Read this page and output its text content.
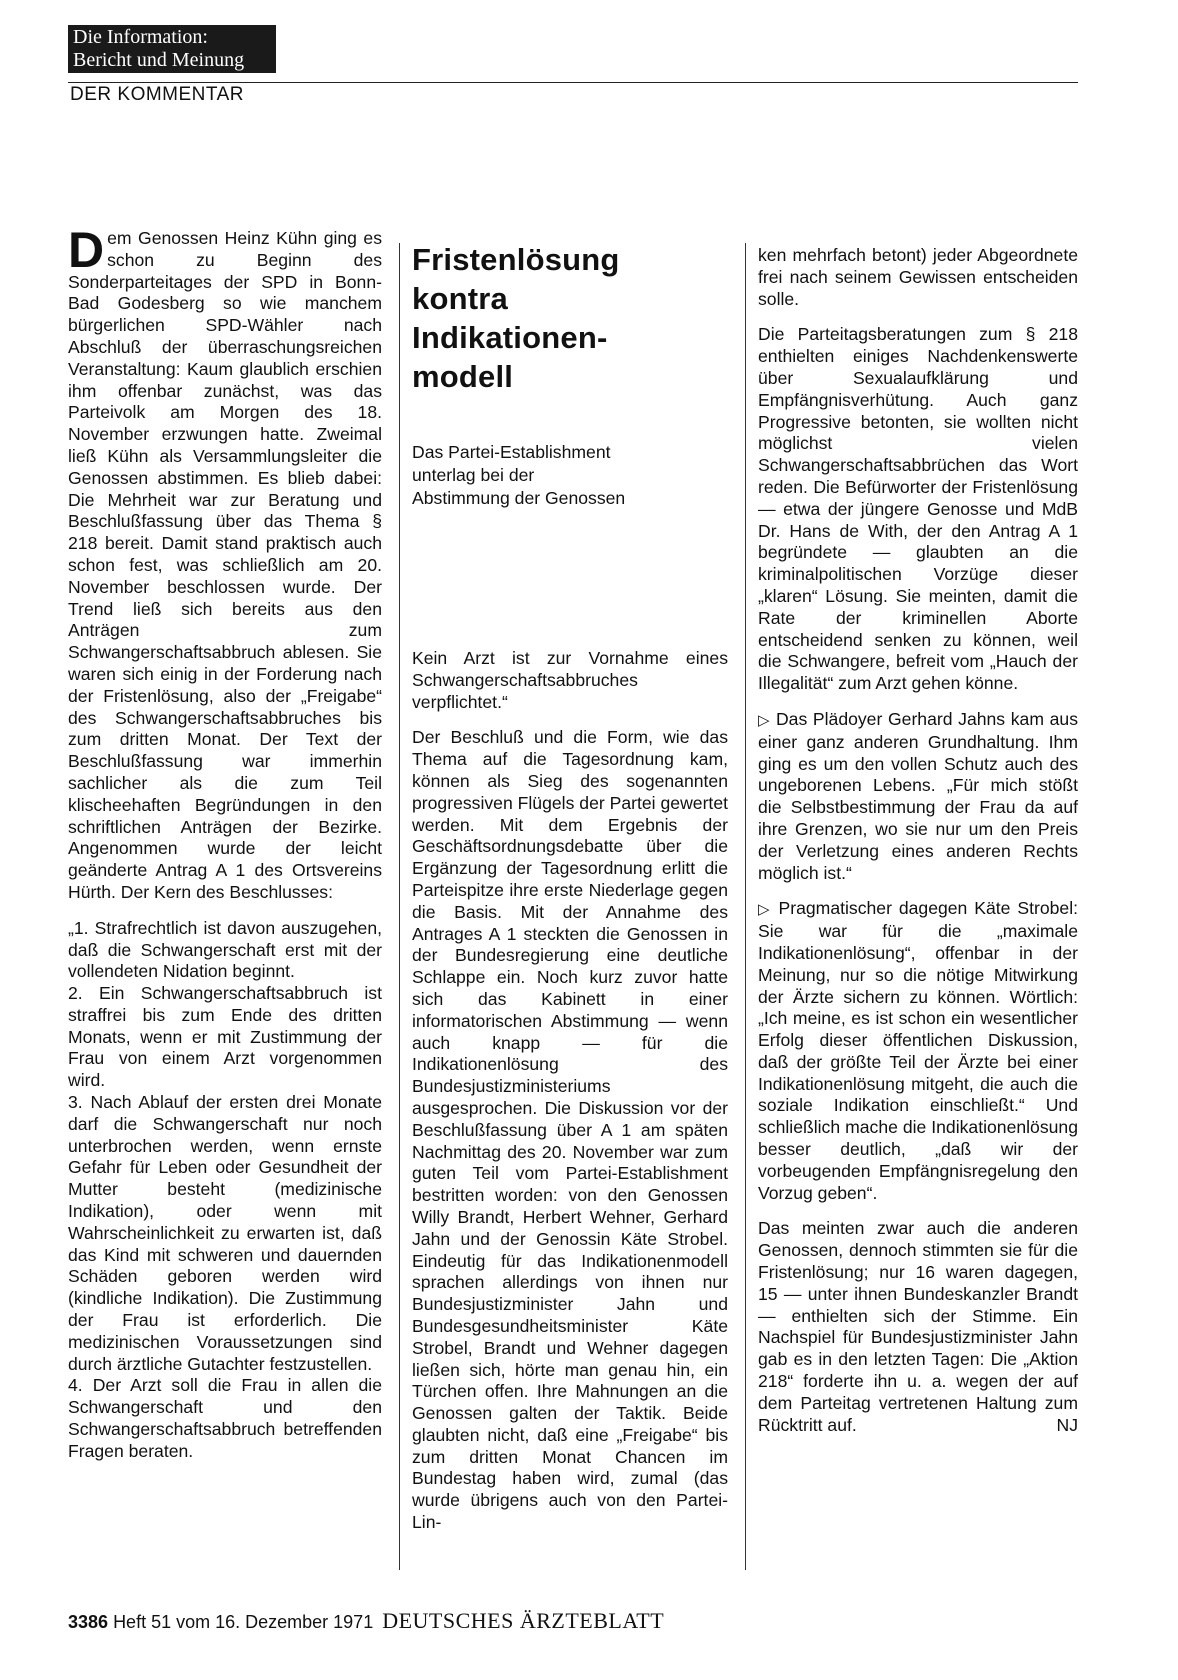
Die Information:
Bericht und Meinung
DER KOMMENTAR

Dem Genossen Heinz Kühn ging es schon zu Beginn des Sonderparteitages der SPD in Bonn-Bad Godesberg so wie manchem bürgerlichen SPD-Wähler nach Abschluß der überraschungsreichen Veranstaltung: Kaum glaublich erschien ihm offenbar zunächst, was das Parteivolk am Morgen des 18. November erzwungen hatte. Zweimal ließ Kühn als Versammlungsleiter die Genossen abstimmen. Es blieb dabei: Die Mehrheit war zur Beratung und Beschlußfassung über das Thema § 218 bereit. Damit stand praktisch auch schon fest, was schließlich am 20. November beschlossen wurde. Der Trend ließ sich bereits aus den Anträgen zum Schwangerschaftsabbruch ablesen. Sie waren sich einig in der Forderung nach der Fristenlösung, also der „Freigabe“ des Schwangerschaftsabbruches bis zum dritten Monat. Der Text der Beschlußfassung war immerhin sachlicher als die zum Teil klischeehaften Begründungen in den schriftlichen Anträgen der Bezirke. Angenommen wurde der leicht geänderte Antrag A 1 des Ortsvereins Hürth. Der Kern des Beschlusses:

„1. Strafrechtlich ist davon auszugehen, daß die Schwangerschaft erst mit der vollendeten Nidation beginnt.

2. Ein Schwangerschaftsabbruch ist straffrei bis zum Ende des dritten Monats, wenn er mit Zustimmung der Frau von einem Arzt vorgenommen wird.

3. Nach Ablauf der ersten drei Monate darf die Schwangerschaft nur noch unterbrochen werden, wenn ernste Gefahr für Leben oder Gesundheit der Mutter besteht (medizinische Indikation), oder wenn mit Wahrscheinlichkeit zu erwarten ist, daß das Kind mit schweren und dauernden Schäden geboren werden wird (kindliche Indikation). Die Zustimmung der Frau ist erforderlich. Die medizinischen Voraussetzungen sind durch ärztliche Gutachter festzustellen.

4. Der Arzt soll die Frau in allen die Schwangerschaft und den Schwangerschaftsabbruch betreffenden Fragen beraten.

Fristenlösung
kontra
Indikationen-
modell
Das Partei-Establishment
unterlag bei der
Abstimmung der Genossen

Kein Arzt ist zur Vornahme eines Schwangerschaftsabbruches verpflichtet.“

Der Beschluß und die Form, wie das Thema auf die Tagesordnung kam, können als Sieg des sogenannten progressiven Flügels der Partei gewertet werden. Mit dem Ergebnis der Geschäftsordnungsdebatte über die Ergänzung der Tagesordnung erlitt die Parteispitze ihre erste Niederlage gegen die Basis. Mit der Annahme des Antrages A 1 steckten die Genossen in der Bundesregierung eine deutliche Schlappe ein. Noch kurz zuvor hatte sich das Kabinett in einer informatorischen Abstimmung — wenn auch knapp — für die Indikationenlösung des Bundesjustizministeriums ausgesprochen. Die Diskussion vor der Beschlußfassung über A 1 am späten Nachmittag des 20. November war zum guten Teil vom Partei-Establishment bestritten worden: von den Genossen Willy Brandt, Herbert Wehner, Gerhard Jahn und der Genossin Käte Strobel. Eindeutig für das Indikationenmodell sprachen allerdings von ihnen nur Bundesjustizminister Jahn und Bundesgesundheitsminister Käte Strobel, Brandt und Wehner dagegen ließen sich, hörte man genau hin, ein Türchen offen. Ihre Mahnungen an die Genossen galten der Taktik. Beide glaubten nicht, daß eine „Freigabe“ bis zum dritten Monat Chancen im Bundestag haben wird, zumal (das wurde übrigens auch von den Partei-Lin-

ken mehrfach betont) jeder Abgeordnete frei nach seinem Gewissen entscheiden solle.

Die Parteitagsberatungen zum § 218 enthielten einiges Nachdenkenswerte über Sexualaufklärung und Empfängnisverhütung. Auch ganz Progressive betonten, sie wollten nicht möglichst vielen Schwangerschaftsabbrüchen das Wort reden. Die Befürworter der Fristenlösung — etwa der jüngere Genosse und MdB Dr. Hans de With, der den Antrag A 1 begründete — glaubten an die kriminalpolitischen Vorzüge dieser „klaren“ Lösung. Sie meinten, damit die Rate der kriminellen Aborte entscheidend senken zu können, weil die Schwangere, befreit vom „Hauch der Illegalität“ zum Arzt gehen könne.

▷ Das Plädoyer Gerhard Jahns kam aus einer ganz anderen Grundhaltung. Ihm ging es um den vollen Schutz auch des ungeborenen Lebens. „Für mich stößt die Selbstbestimmung der Frau da auf ihre Grenzen, wo sie nur um den Preis der Verletzung eines anderen Rechts möglich ist.“

▷ Pragmatischer dagegen Käte Strobel: Sie war für die „maximale Indikationenlösung“, offenbar in der Meinung, nur so die nötige Mitwirkung der Ärzte sichern zu können. Wörtlich: „Ich meine, es ist schon ein wesentlicher Erfolg dieser öffentlichen Diskussion, daß der größte Teil der Ärzte bei einer Indikationenlösung mitgeht, die auch die soziale Indikation einschließt.“ Und schließlich mache die Indikationenlösung besser deutlich, „daß wir der vorbeugenden Empfängnisregelung den Vorzug geben“.

Das meinten zwar auch die anderen Genossen, dennoch stimmten sie für die Fristenlösung; nur 16 waren dagegen, 15 — unter ihnen Bundeskanzler Brandt — enthielten sich der Stimme. Ein Nachspiel für Bundesjustizminister Jahn gab es in den letzten Tagen: Die „Aktion 218“ forderte ihn u. a. wegen der auf dem Parteitag vertretenen Haltung zum Rücktritt auf.	NJ

3386 Heft 51 vom 16. Dezember 1971 DEUTSCHES ÄRZTEBLATT
